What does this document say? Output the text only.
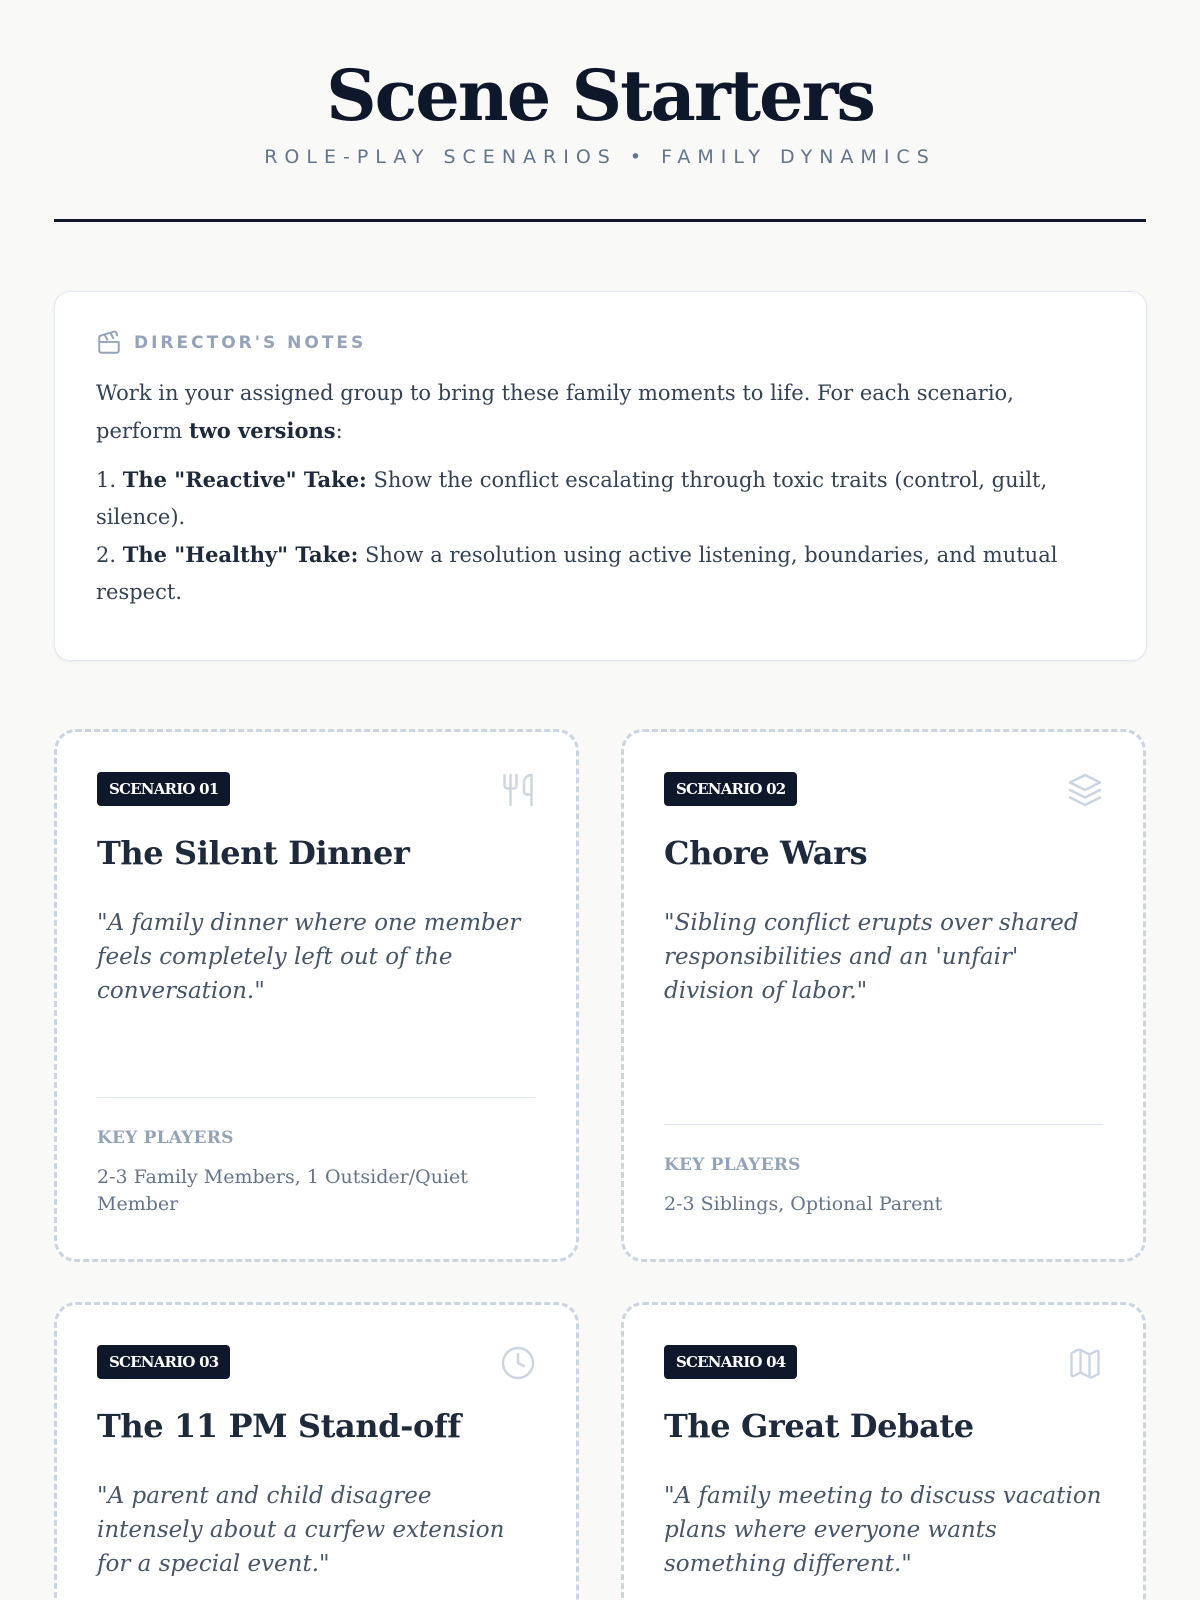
Scene Starters
ROLE-PLAY SCENARIOS • FAMILY DYNAMICS
DIRECTOR'S NOTES

Work in your assigned group to bring these family moments to life. For each scenario, perform two versions:

1. The "Reactive" Take: Show the conflict escalating through toxic traits (control, guilt, silence).

2. The "Healthy" Take: Show a resolution using active listening, boundaries, and mutual respect.

SCENARIO 01
The Silent Dinner
"A family dinner where one member feels completely left out of the conversation."
KEY PLAYERS
2-3 Family Members, 1 Outsider/Quiet Member
SCENARIO 02
Chore Wars
"Sibling conflict erupts over shared responsibilities and an 'unfair' division of labor."
KEY PLAYERS
2-3 Siblings, Optional Parent
SCENARIO 03
The 11 PM Stand-off
"A parent and child disagree intensely about a curfew extension for a special event."
SCENARIO 04
The Great Debate
"A family meeting to discuss vacation plans where everyone wants something different."
